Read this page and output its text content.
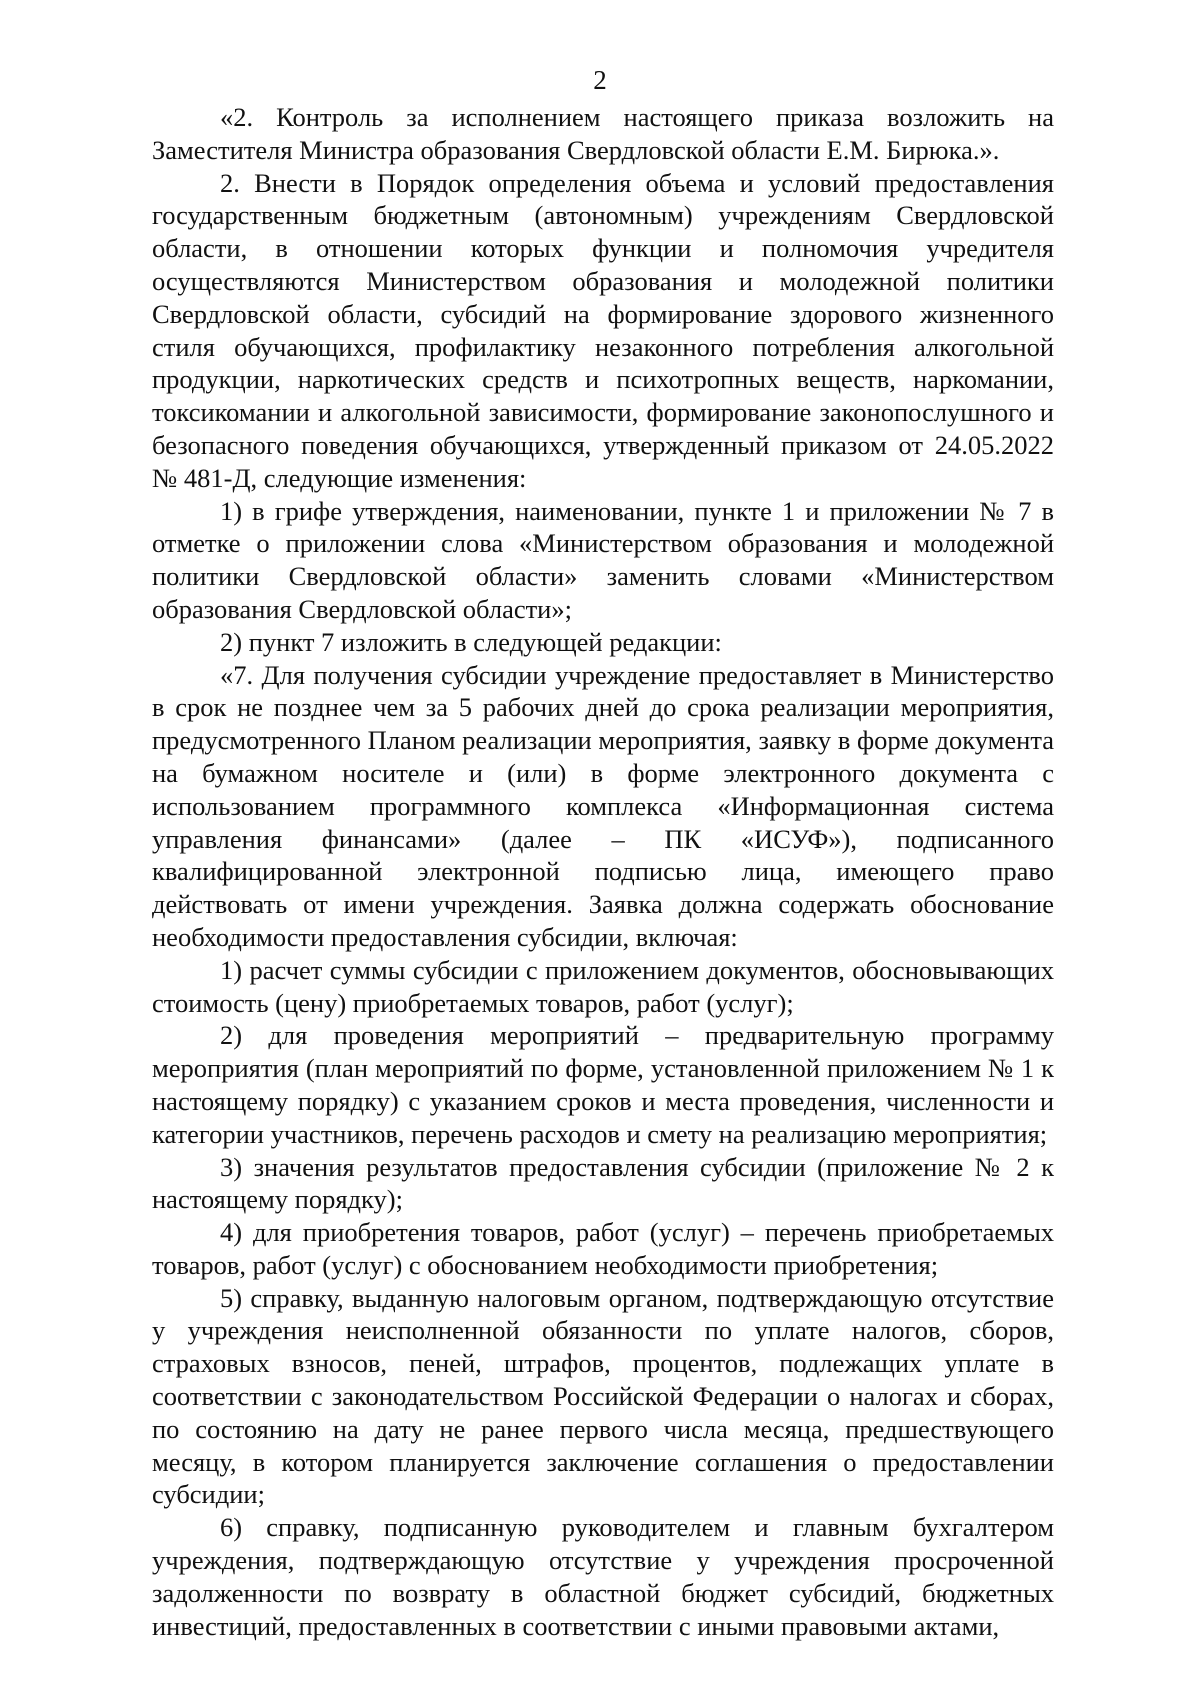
2

«2. Контроль за исполнением настоящего приказа возложить на Заместителя Министра образования Свердловской области Е.М. Бирюка.».

2. Внести в Порядок определения объема и условий предоставления государственным бюджетным (автономным) учреждениям Свердловской области, в отношении которых функции и полномочия учредителя осуществляются Министерством образования и молодежной политики Свердловской области, субсидий на формирование здорового жизненного стиля обучающихся, профилактику незаконного потребления алкогольной продукции, наркотических средств и психотропных веществ, наркомании, токсикомании и алкогольной зависимости, формирование законопослушного и безопасного поведения обучающихся, утвержденный приказом от 24.05.2022 № 481-Д, следующие изменения:

1) в грифе утверждения, наименовании, пункте 1 и приложении № 7 в отметке о приложении слова «Министерством образования и молодежной политики Свердловской области» заменить словами «Министерством образования Свердловской области»;

2) пункт 7 изложить в следующей редакции:

«7. Для получения субсидии учреждение предоставляет в Министерство в срок не позднее чем за 5 рабочих дней до срока реализации мероприятия, предусмотренного Планом реализации мероприятия, заявку в форме документа на бумажном носителе и (или) в форме электронного документа с использованием программного комплекса «Информационная система управления финансами» (далее – ПК «ИСУФ»), подписанного квалифицированной электронной подписью лица, имеющего право действовать от имени учреждения. Заявка должна содержать обоснование необходимости предоставления субсидии, включая:

1) расчет суммы субсидии с приложением документов, обосновывающих стоимость (цену) приобретаемых товаров, работ (услуг);

2) для проведения мероприятий – предварительную программу мероприятия (план мероприятий по форме, установленной приложением № 1 к настоящему порядку) с указанием сроков и места проведения, численности и категории участников, перечень расходов и смету на реализацию мероприятия;

3) значения результатов предоставления субсидии (приложение № 2 к настоящему порядку);

4) для приобретения товаров, работ (услуг) – перечень приобретаемых товаров, работ (услуг) с обоснованием необходимости приобретения;

5) справку, выданную налоговым органом, подтверждающую отсутствие у учреждения неисполненной обязанности по уплате налогов, сборов, страховых взносов, пеней, штрафов, процентов, подлежащих уплате в соответствии с законодательством Российской Федерации о налогах и сборах, по состоянию на дату не ранее первого числа месяца, предшествующего месяцу, в котором планируется заключение соглашения о предоставлении субсидии;

6) справку, подписанную руководителем и главным бухгалтером учреждения, подтверждающую отсутствие у учреждения просроченной задолженности по возврату в областной бюджет субсидий, бюджетных инвестиций, предоставленных в соответствии с иными правовыми актами,
